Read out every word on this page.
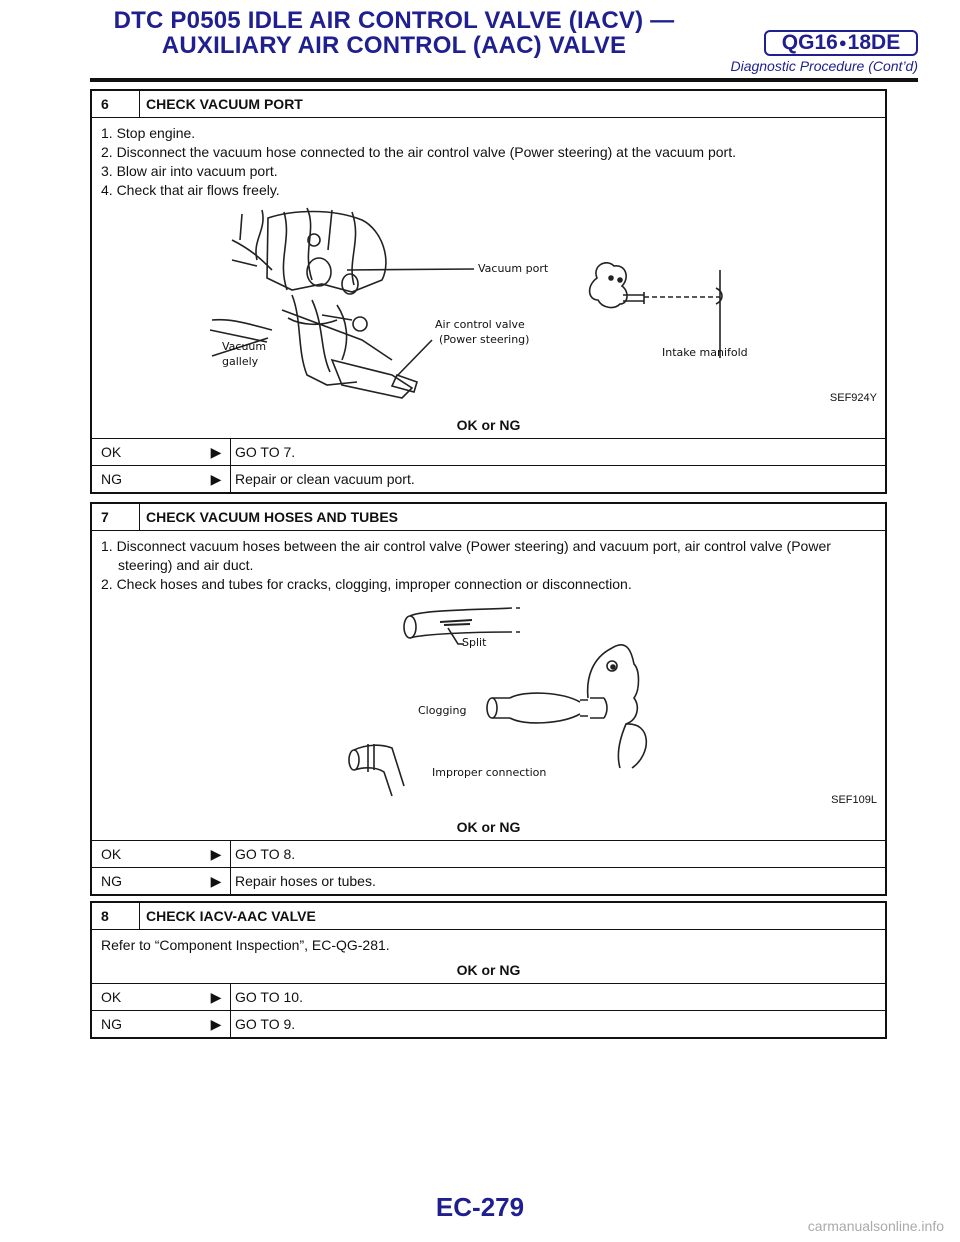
DTC P0505 IDLE AIR CONTROL VALVE (IACV) —
AUXILIARY AIR CONTROL (AAC) VALVE	QG16 ● 18DE
Diagnostic Procedure (Cont’d)
6	CHECK VACUUM PORT
1. Stop engine.
2. Disconnect the vacuum hose connected to the air control valve (Power steering) at the vacuum port.
3. Blow air into vacuum port.
4. Check that air flows freely.
Vacuum port
Air control valve
(Power steering)
Vacuum
gallely
Intake manifold
SEF924Y
OK or NG
OK	▶ GO TO 7.
NG	▶ Repair or clean vacuum port.
7	CHECK VACUUM HOSES AND TUBES
1. Disconnect vacuum hoses between the air control valve (Power steering) and vacuum port, air control valve (Power
steering) and air duct.
2. Check hoses and tubes for cracks, clogging, improper connection or disconnection.
Split
Clogging
Improper connection
SEF109L
OK or NG
OK	▶ GO TO 8.
NG	▶ Repair hoses or tubes.
8	CHECK IACV-AAC VALVE
Refer to “Component Inspection”, EC-QG-281.
OK or NG
OK	▶ GO TO 10.
NG	▶ GO TO 9.
EC-279
carmanualsonline.info
